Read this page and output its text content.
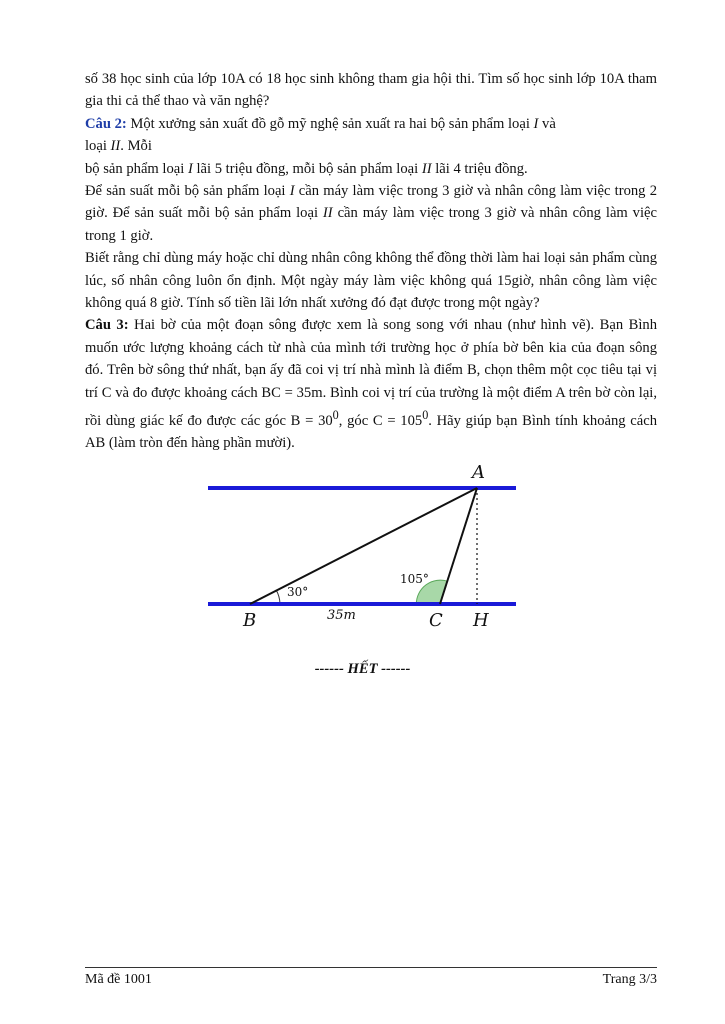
số 38 học sinh của lớp 10A có 18 học sinh không tham gia hội thi. Tìm số học sinh lớp 10A tham gia thi cả thể thao và văn nghệ?

Câu 2: Một xưởng sản xuất đồ gỗ mỹ nghệ sản xuất ra hai bộ sản phẩm loại I và

loại II. Mỗi

bộ sản phẩm loại I lãi 5 triệu đồng, mỗi bộ sản phẩm loại II lãi 4 triệu đồng.

Để sản suất mỗi bộ sản phẩm loại I cần máy làm việc trong 3 giờ và nhân công làm việc trong 2 giờ. Để sản suất mỗi bộ sản phẩm loại II cần máy làm việc trong 3 giờ và nhân công làm việc trong 1 giờ.

Biết rằng chỉ dùng máy hoặc chỉ dùng nhân công không thể đồng thời làm hai loại sản phẩm cùng lúc, số nhân công luôn ổn định. Một ngày máy làm việc không quá 15giờ, nhân công làm việc không quá 8 giờ. Tính số tiền lãi lớn nhất xưởng đó đạt được trong một ngày?

Câu 3: Hai bờ của một đoạn sông được xem là song song với nhau (như hình vẽ). Bạn Bình muốn ước lượng khoảng cách từ nhà của mình tới trường học ở phía bờ bên kia của đoạn sông đó. Trên bờ sông thứ nhất, bạn ấy đã coi vị trí nhà mình là điểm B, chọn thêm một cọc tiêu tại vị trí C và đo được khoảng cách BC = 35m. Bình coi vị trí của trường là một điểm A trên bờ còn lại, rồi dùng giác kế đo được các góc $B = 30^0$, góc $C = 105^0$. Hãy giúp bạn Bình tính khoảng cách AB (làm tròn đến hàng phần mười).

A
B	C H
30°
105°
35m
------ HẾT ------
Mã đề 1001	Trang 3/3
